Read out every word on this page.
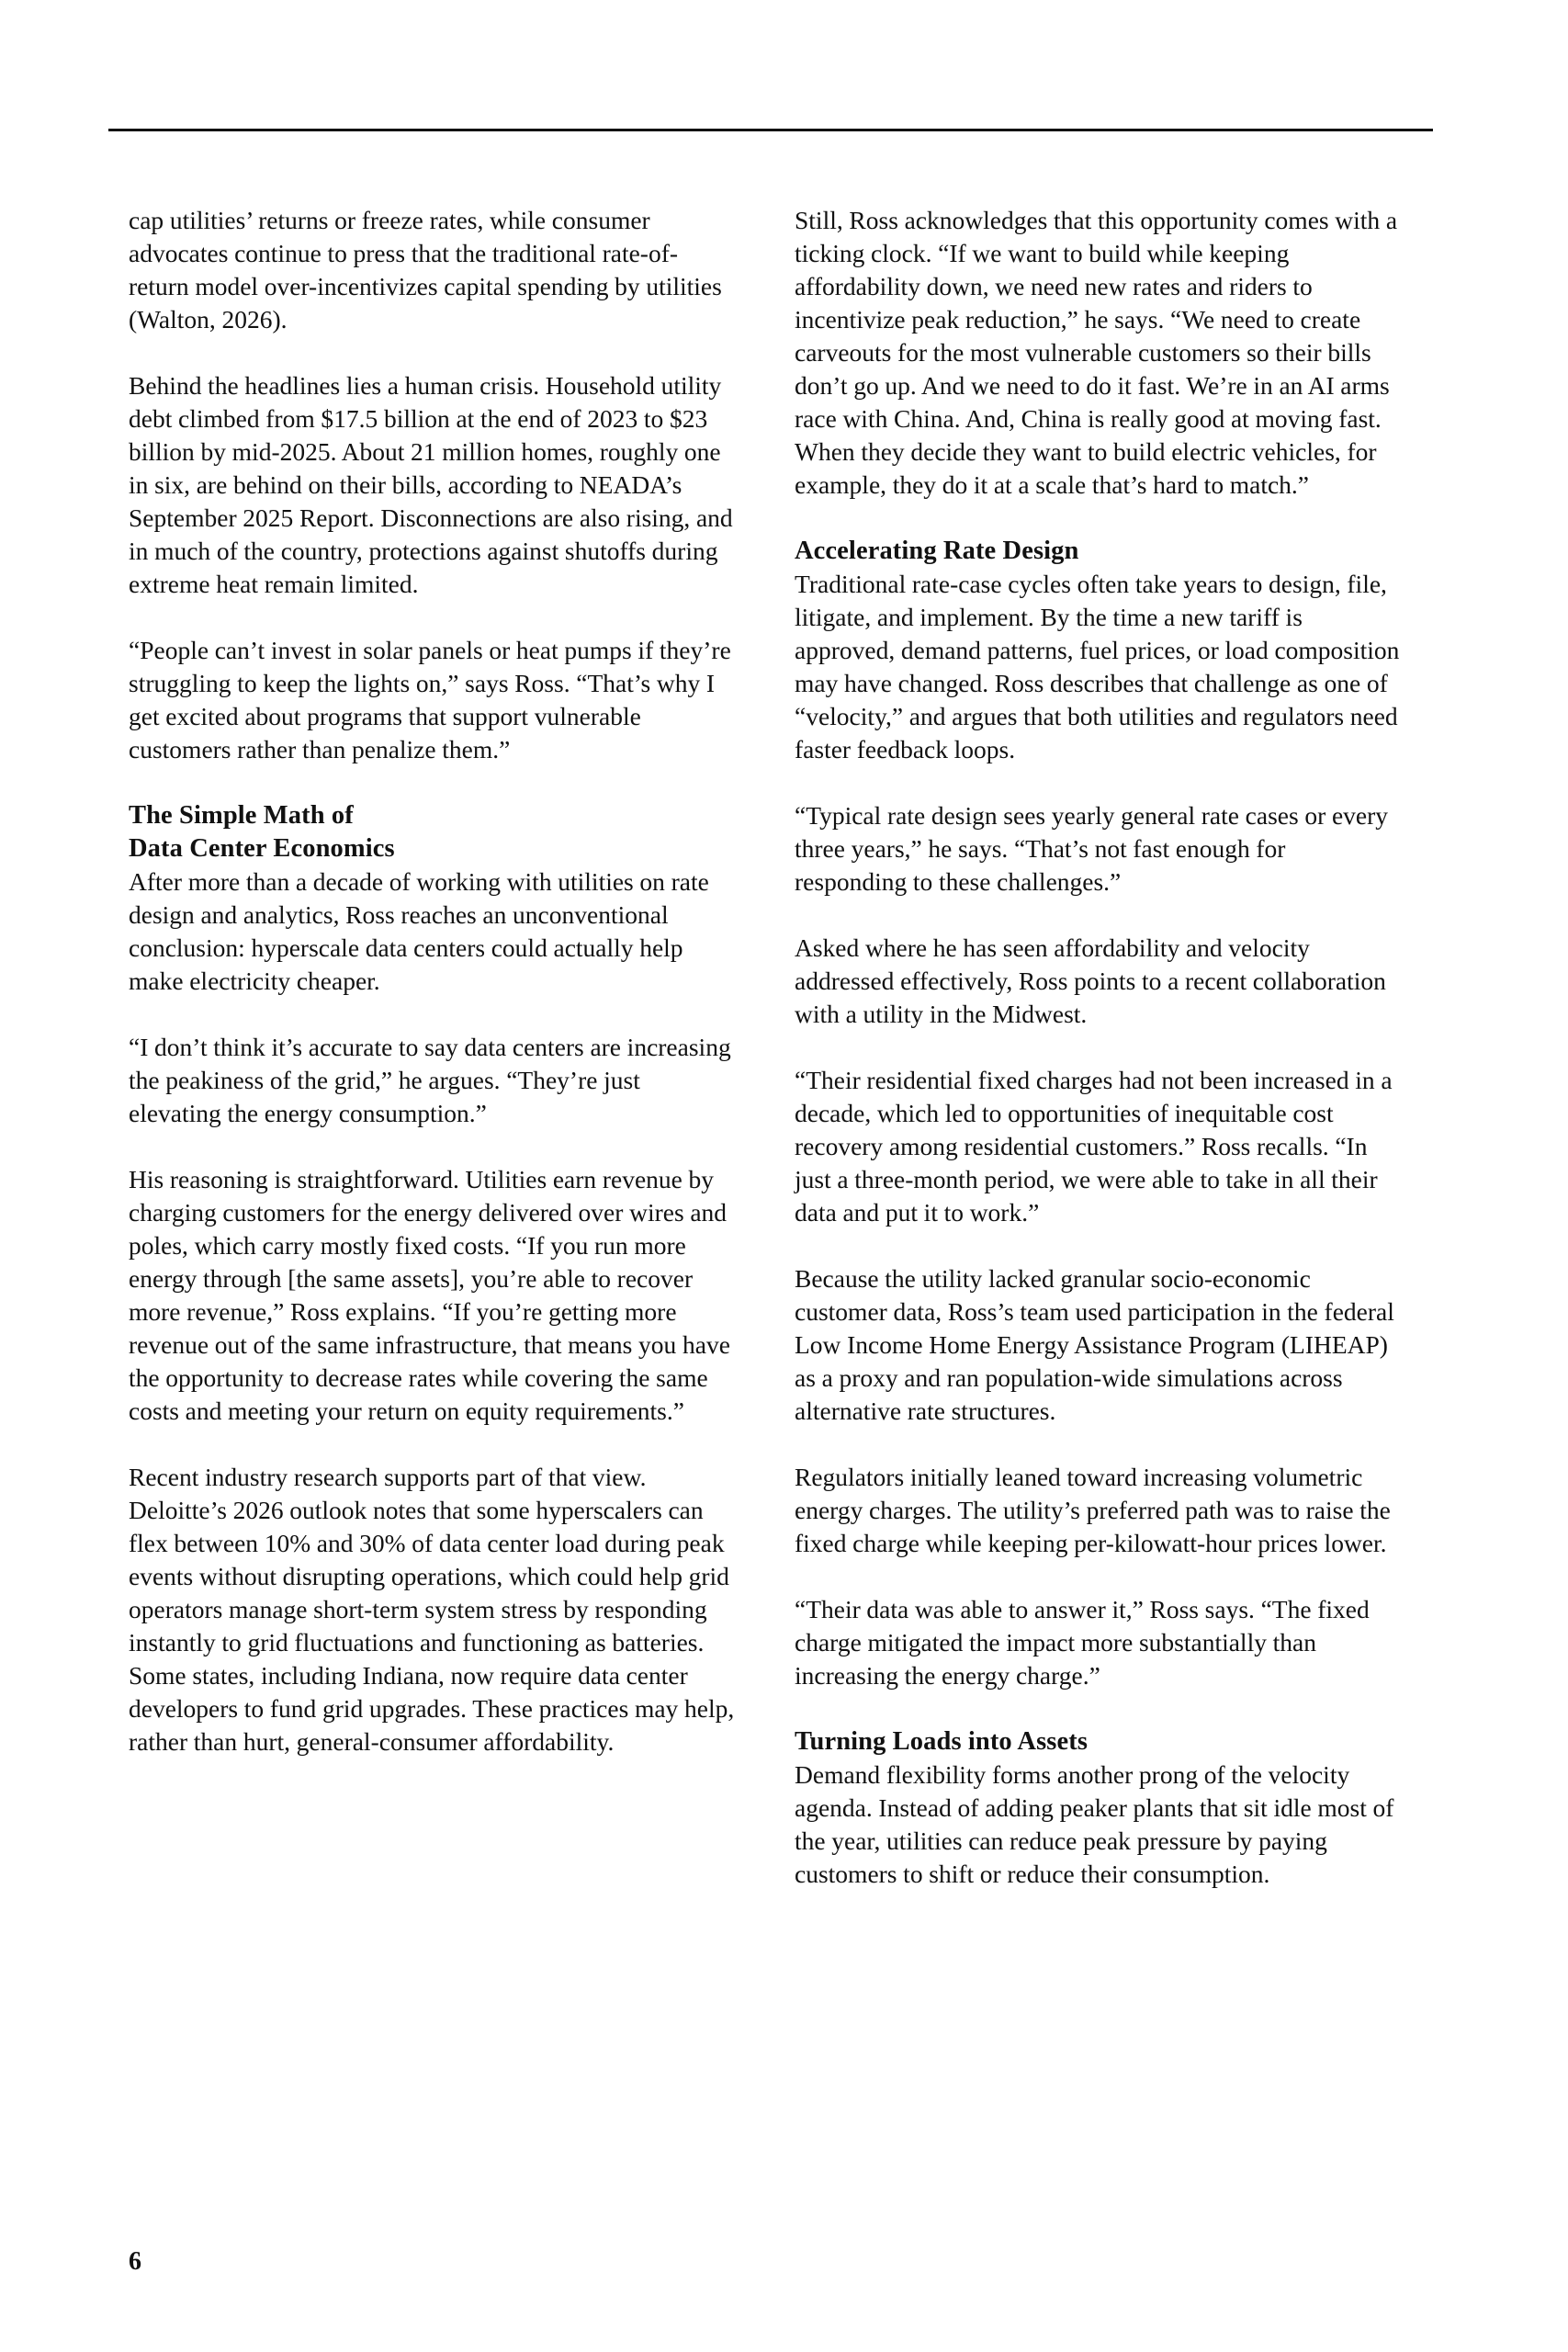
cap utilities’ returns or freeze rates, while consumer advocates continue to press that the traditional rate-of-return model over-incentivizes capital spending by utilities (Walton, 2026).

Behind the headlines lies a human crisis. Household utility debt climbed from $17.5 billion at the end of 2023 to $23 billion by mid-2025. About 21 million homes, roughly one in six, are behind on their bills, according to NEADA’s September 2025 Report. Disconnections are also rising, and in much of the country, protections against shutoffs during extreme heat remain limited.

“People can’t invest in solar panels or heat pumps if they’re struggling to keep the lights on,” says Ross. “That’s why I get excited about programs that support vulnerable customers rather than penalize them.”

The Simple Math of
Data Center Economics

After more than a decade of working with utilities on rate design and analytics, Ross reaches an unconventional conclusion: hyperscale data centers could actually help make electricity cheaper.

“I don’t think it’s accurate to say data centers are increasing the peakiness of the grid,” he argues. “They’re just elevating the energy consumption.”

His reasoning is straightforward. Utilities earn revenue by charging customers for the energy delivered over wires and poles, which carry mostly fixed costs. “If you run more energy through [the same assets], you’re able to recover more revenue,” Ross explains. “If you’re getting more revenue out of the same infrastructure, that means you have the opportunity to decrease rates while covering the same costs and meeting your return on equity requirements.”

Recent industry research supports part of that view. Deloitte’s 2026 outlook notes that some hyperscalers can flex between 10% and 30% of data center load during peak events without disrupting operations, which could help grid operators manage short-term system stress by responding instantly to grid fluctuations and functioning as batteries. Some states, including Indiana, now require data center developers to fund grid upgrades. These practices may help, rather than hurt, general-consumer affordability.

Still, Ross acknowledges that this opportunity comes with a ticking clock. “If we want to build while keeping affordability down, we need new rates and riders to incentivize peak reduction,” he says. “We need to create carveouts for the most vulnerable customers so their bills don’t go up. And we need to do it fast. We’re in an AI arms race with China. And, China is really good at moving fast. When they decide they want to build electric vehicles, for example, they do it at a scale that’s hard to match.”

Accelerating Rate Design

Traditional rate-case cycles often take years to design, file, litigate, and implement. By the time a new tariff is approved, demand patterns, fuel prices, or load composition may have changed. Ross describes that challenge as one of “velocity,” and argues that both utilities and regulators need faster feedback loops.

“Typical rate design sees yearly general rate cases or every three years,” he says. “That’s not fast enough for responding to these challenges.”

Asked where he has seen affordability and velocity addressed effectively, Ross points to a recent collaboration with a utility in the Midwest.

“Their residential fixed charges had not been increased in a decade, which led to opportunities of inequitable cost recovery among residential customers.” Ross recalls. “In just a three-month period, we were able to take in all their data and put it to work.”

Because the utility lacked granular socio-economic customer data, Ross’s team used participation in the federal Low Income Home Energy Assistance Program (LIHEAP) as a proxy and ran population-wide simulations across alternative rate structures.

Regulators initially leaned toward increasing volumetric energy charges. The utility’s preferred path was to raise the fixed charge while keeping per-kilowatt-hour prices lower.

“Their data was able to answer it,” Ross says. “The fixed charge mitigated the impact more substantially than increasing the energy charge.”

Turning Loads into Assets

Demand flexibility forms another prong of the velocity agenda. Instead of adding peaker plants that sit idle most of the year, utilities can reduce peak pressure by paying customers to shift or reduce their consumption.

6
